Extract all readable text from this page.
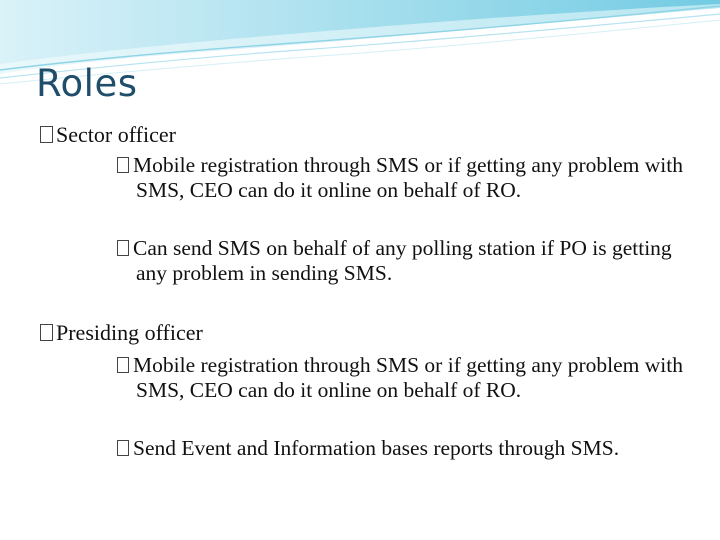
Roles
Sector officer
Mobile registration through SMS or if getting any problem with SMS, CEO can do it online on behalf of RO.
Can send SMS on behalf of any polling station if PO is getting any problem in sending SMS.
Presiding officer
Mobile registration through SMS or if getting any problem with SMS, CEO can do it online on behalf of RO.
Send Event and Information bases reports through SMS.
